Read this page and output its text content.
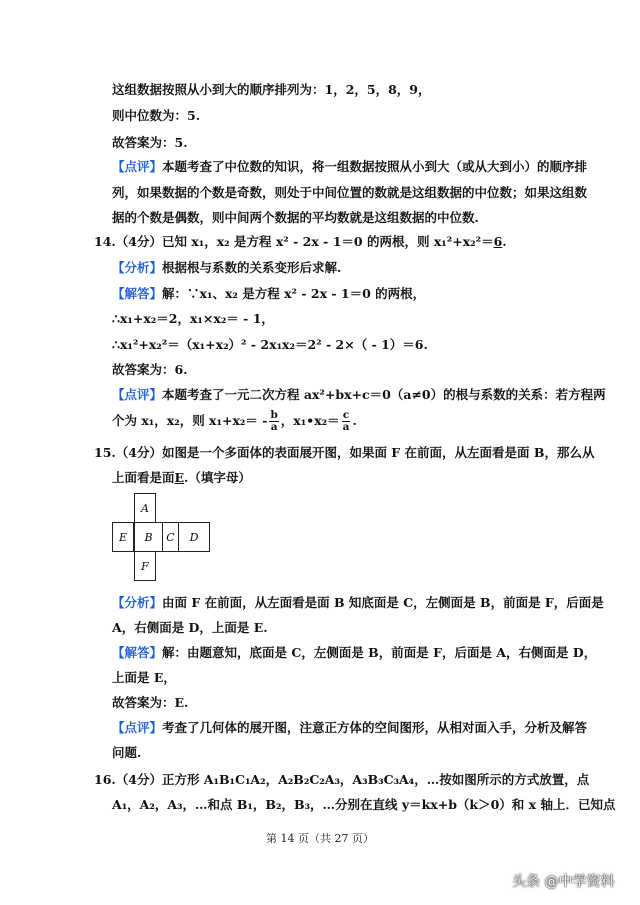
这组数据按照从小到大的顺序排列为：1，2，5，8，9，
则中位数为：5.
故答案为：5.
【点评】本题考查了中位数的知识，将一组数据按照从小到大（或从大到小）的顺序排
列，如果数据的个数是奇数，则处于中间位置的数就是这组数据的中位数；如果这组数
据的个数是偶数，则中间两个数据的平均数就是这组数据的中位数.
14.（4分）已知 x₁，x₂ 是方程 x² - 2x - 1＝0 的两根，则 x₁²+x₂²＝6.
【分析】根据根与系数的关系变形后求解.
【解答】解：∵x₁、x₂ 是方程 x² - 2x - 1＝0 的两根，
∴x₁+x₂＝2，x₁×x₂＝ - 1，
∴x₁²+x₂²＝（x₁+x₂）² - 2x₁x₂＝2² - 2×（ - 1）＝6.
故答案为：6.
【点评】本题考查了一元二次方程 ax²+bx+c＝0（a≠0）的根与系数的关系：若方程两
个为 x₁，x₂，则 $x_1+x_2= - \frac{b}{a}$ ，x₁•x₂＝ $\frac{c}{a}$ .
15.（4分）如图是一个多面体的表面展开图，如果面 F 在前面，从左面看是面 B，那么从
上面看是面E.（填字母）
A
E	B	C	D
F
【分析】由面 F 在前面，从左面看是面 B 知底面是 C，左侧面是 B，前面是 F，后面是
A，右侧面是 D，上面是 E.
【解答】解：由题意知，底面是 C，左侧面是 B，前面是 F，后面是 A，右侧面是 D，
上面是 E，
故答案为：E.
【点评】考查了几何体的展开图，注意正方体的空间图形，从相对面入手，分析及解答
问题.
16.（4分）正方形 A₁B₁C₁A₂，A₂B₂C₂A₃，A₃B₃C₃A₄，…按如图所示的方式放置，点
A₁，A₂，A₃，…和点 B₁，B₂，B₃，…分别在直线 y＝kx+b（k＞0）和 x 轴上．已知点
第 14 页（共 27 页）
头条 @中学资料
